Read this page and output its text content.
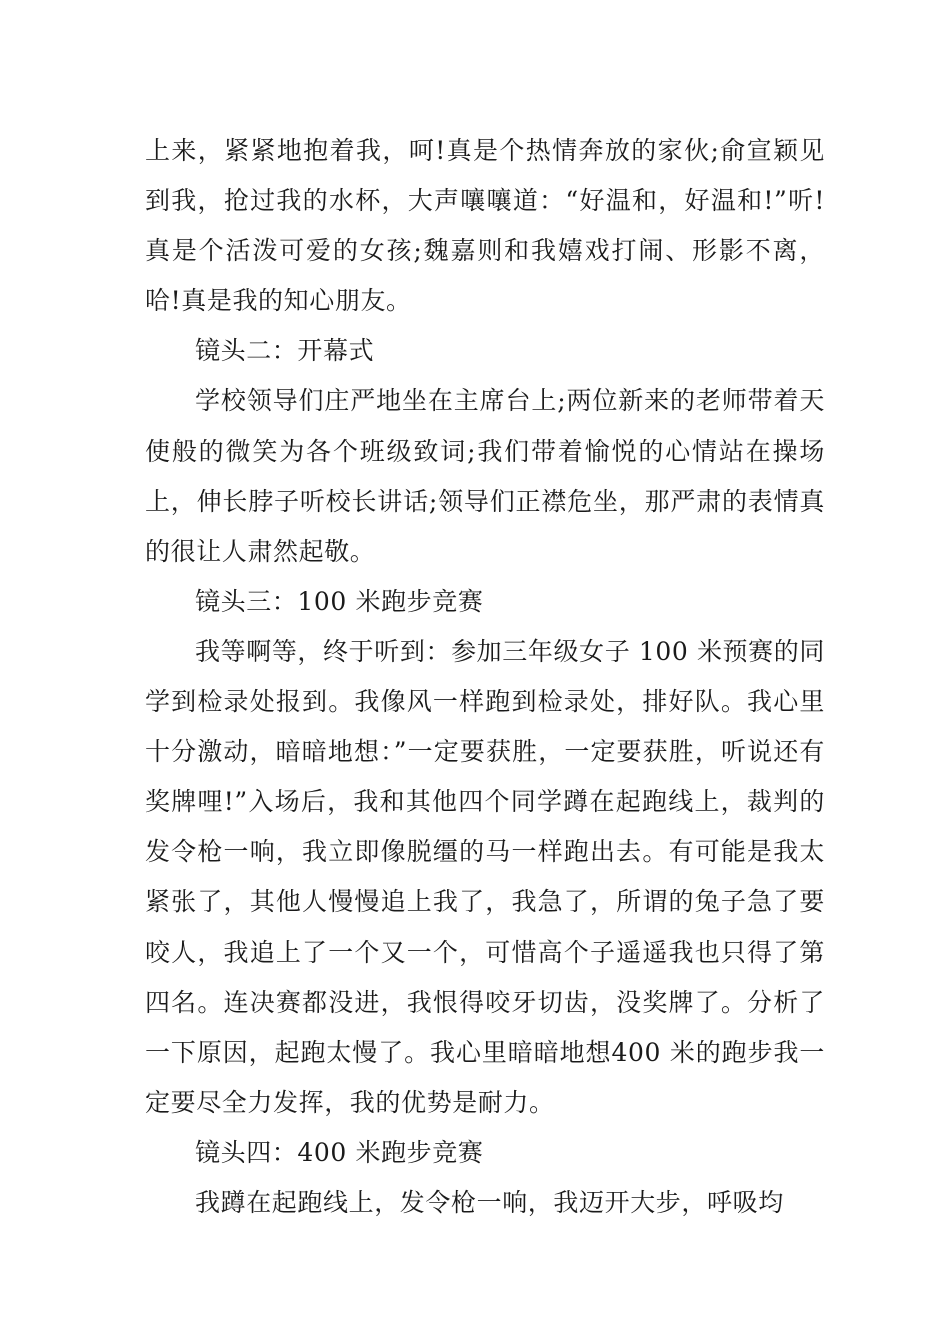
上来，紧紧地抱着我，呵!真是个热情奔放的家伙;俞宣颖见到我，抢过我的水杯，大声嚷嚷道：“好温和，好温和!”听!真是个活泼可爱的女孩;魏嘉则和我嬉戏打闹、形影不离，哈!真是我的知心朋友。

镜头二：开幕式

学校领导们庄严地坐在主席台上;两位新来的老师带着天使般的微笑为各个班级致词;我们带着愉悦的心情站在操场上，伸长脖子听校长讲话;领导们正襟危坐，那严肃的表情真的很让人肃然起敬。

镜头三：100 米跑步竞赛

我等啊等，终于听到：参加三年级女子 100 米预赛的同学到检录处报到。我像风一样跑到检录处，排好队。我心里十分激动，暗暗地想：”一定要获胜，一定要获胜，听说还有奖牌哩!”入场后，我和其他四个同学蹲在起跑线上，裁判的发令枪一响，我立即像脱缰的马一样跑出去。有可能是我太紧张了，其他人慢慢追上我了，我急了，所谓的兔子急了要咬人，我追上了一个又一个，可惜高个子遥遥我也只得了第四名。连决赛都没进，我恨得咬牙切齿，没奖牌了。分析了一下原因，起跑太慢了。我心里暗暗地想400 米的跑步我一定要尽全力发挥，我的优势是耐力。

镜头四：400 米跑步竞赛

我蹲在起跑线上，发令枪一响，我迈开大步，呼吸均
